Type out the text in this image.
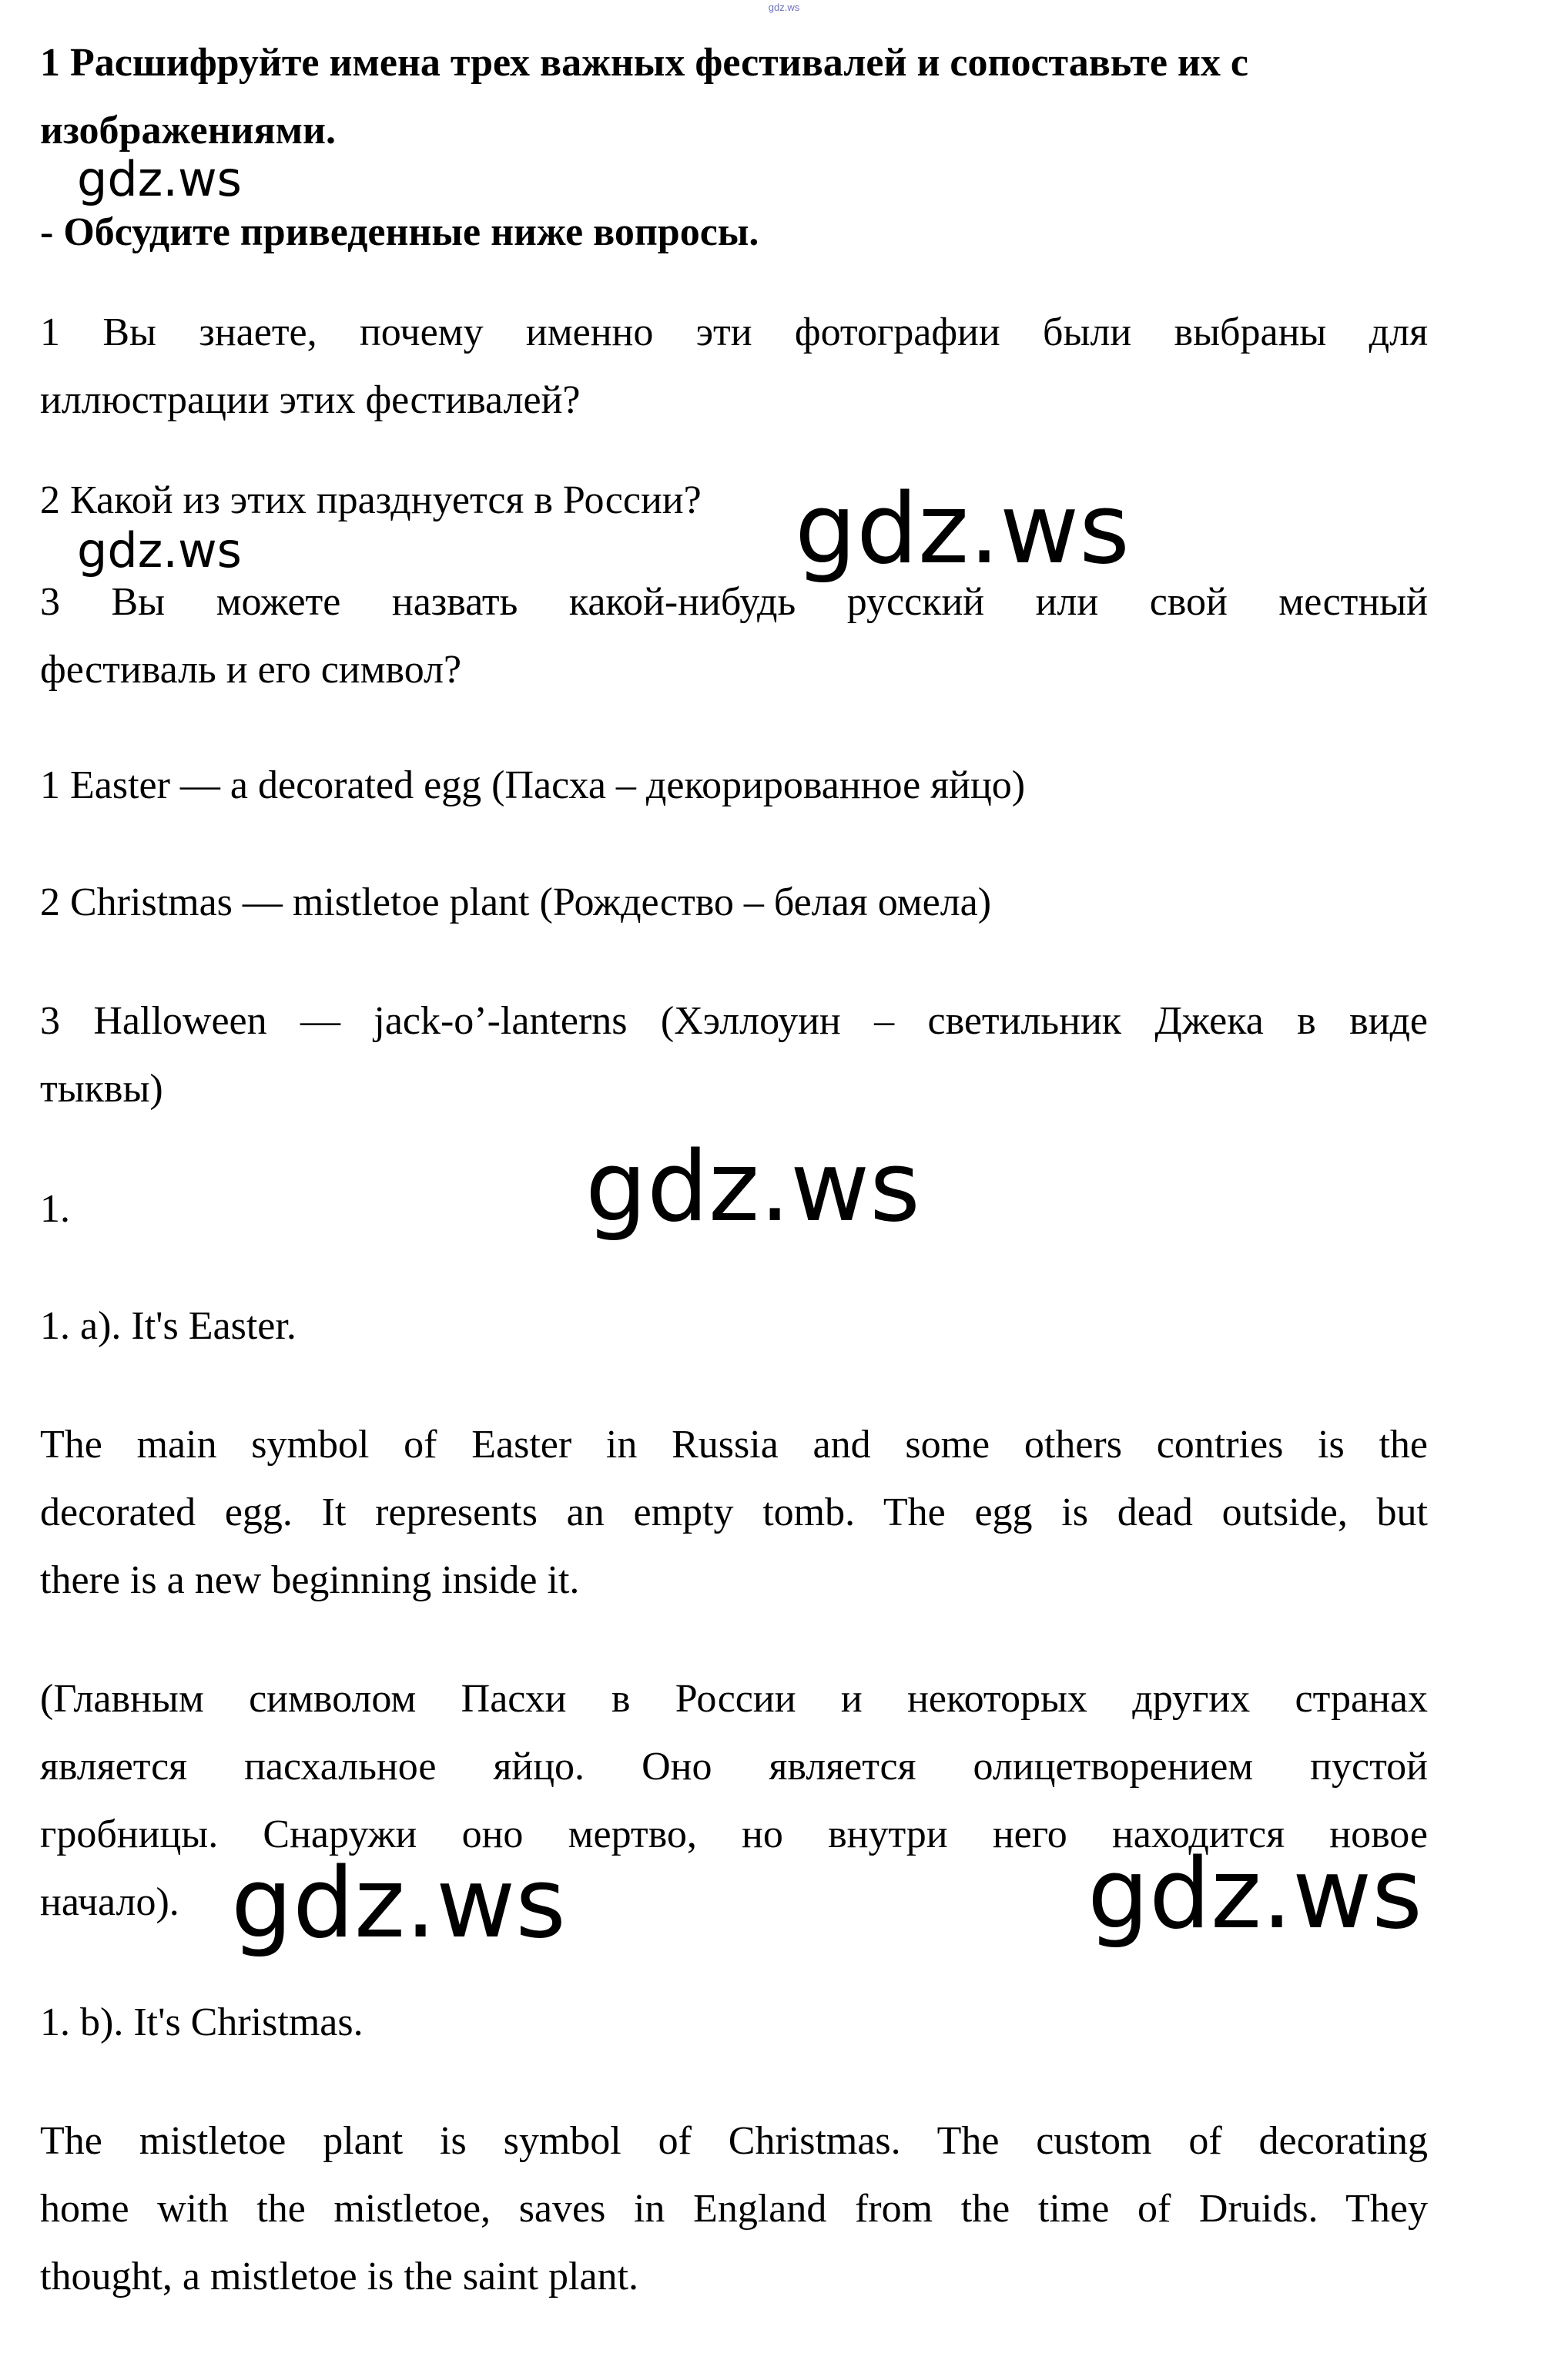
gdz.ws
1 Расшифруйте имена трех важных фестивалей и сопоставьте их с
изображениями.
- Обсудите приведенные ниже вопросы.
1 Вы знаете, почему именно эти фотографии были выбраны для
иллюстрации этих фестивалей?
2 Какой из этих празднуется в России?
3 Вы можете назвать какой-нибудь русский или свой местный
фестиваль и его символ?
1 Easter — a decorated egg (Пасха – декорированное яйцо)
2 Christmas — mistletoe plant (Рождество – белая омела)
3 Halloween — jack-o’-lanterns (Хэллоуин – светильник Джека в виде
тыквы)
1.
1. a). It's Easter.
The main symbol of Easter in Russia and some others contries is the
decorated egg. It represents an empty tomb. The egg is dead outside, but
there is a new beginning inside it.
(Главным символом Пасхи в России и некоторых других странах
является пасхальное яйцо. Оно является олицетворением пустой
гробницы. Снаружи оно мертво, но внутри него находится новое
начало).
1. b). It's Christmas.
The mistletoe plant is symbol of Christmas. The custom of decorating
home with the mistletoe, saves in England from the time of Druids. They
thought, a mistletoe is the saint plant.
gdz.ws
gdz.ws	gdz.ws
gdz.ws
gdz.ws	gdz.ws
